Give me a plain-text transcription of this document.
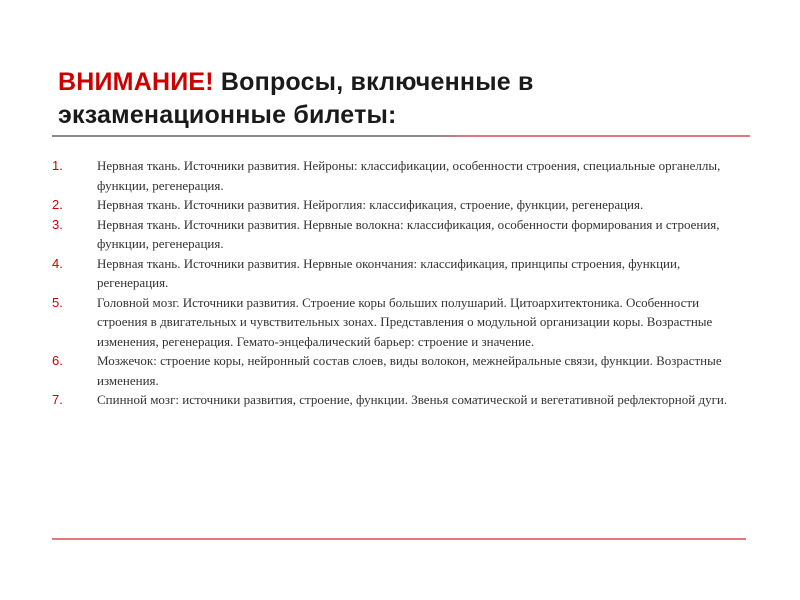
ВНИМАНИЕ! Вопросы, включенные в экзаменационные билеты:
1.	Нервная ткань. Источники развития. Нейроны: классификации, особенности строения, специальные органеллы, функции, регенерация.
2.	Нервная ткань. Источники развития. Нейроглия: классификация, строение, функции, регенерация.
3.	Нервная ткань. Источники развития. Нервные волокна: классификация, особенности формирования и строения, функции, регенерация.
4.	Нервная ткань. Источники развития. Нервные окончания: классификация, принципы строения, функции, регенерация.
5.	Головной мозг. Источники развития. Строение коры больших полушарий. Цитоархитектоника. Особенности строения в двигательных и чувствительных зонах. Представления о модульной организации коры. Возрастные изменения, регенерация. Гемато-энцефалический барьер: строение и значение.
6.	Мозжечок: строение коры, нейронный состав слоев, виды волокон, межнейральные связи, функции. Возрастные изменения.
7.	Спинной мозг: источники развития, строение, функции. Звенья соматической и вегетативной рефлекторной дуги.
